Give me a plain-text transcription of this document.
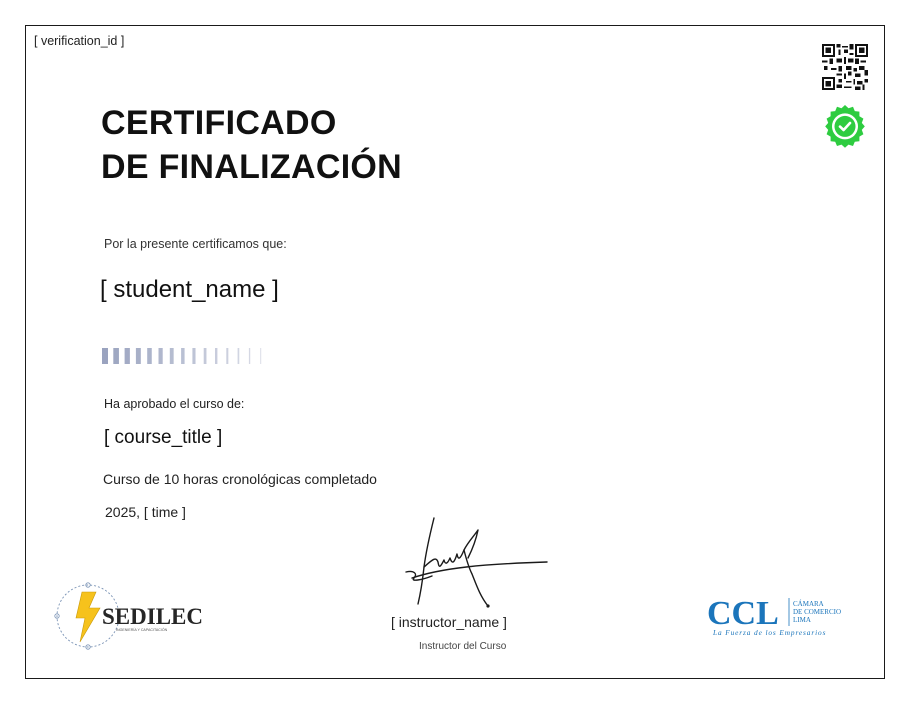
[ verification_id ]
CERTIFICADO
DE FINALIZACIÓN
Por la presente certificamos que:
[ student_name ]
Ha aprobado el curso de:
[ course_title ]
Curso de 10 horas cronológicas completado
2025, [ time ]
[ instructor_name ]
Instructor del Curso
SEDILEC
INGENIERÍA Y CAPACITACIÓN	CCL CÁMARA
DE COMERCIO
LIMA
La Fuerza de los Empresarios
